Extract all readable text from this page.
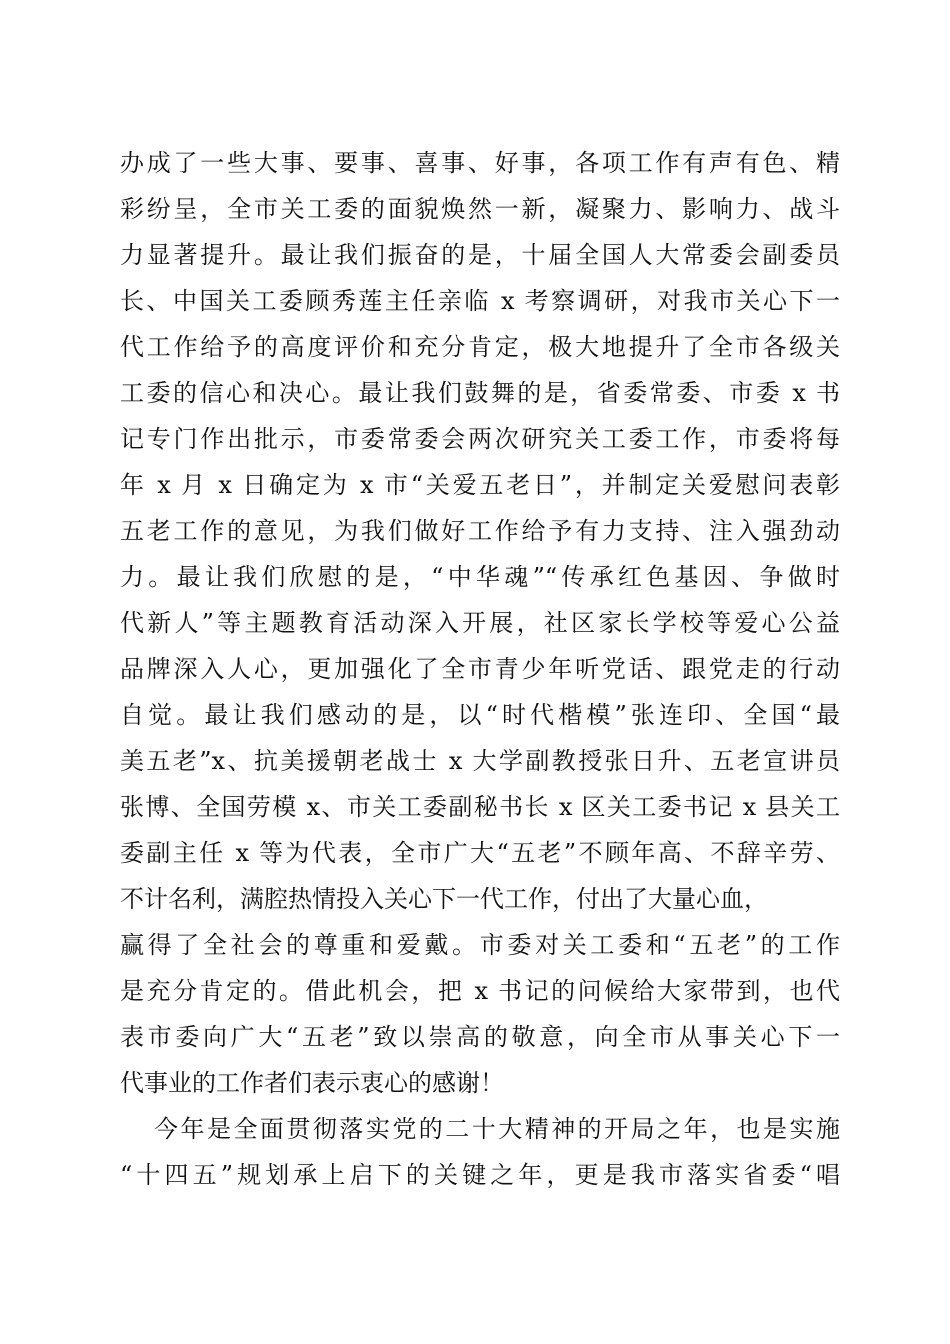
办成了一些大事、要事、喜事、好事，各项工作有声有色、精
彩纷呈，全市关工委的面貌焕然一新，凝聚力、影响力、战斗
力显著提升。最让我们振奋的是，十届全国人大常委会副委员
长、中国关工委顾秀莲主任亲临 x 考察调研，对我市关心下一
代工作给予的高度评价和充分肯定，极大地提升了全市各级关
工委的信心和决心。最让我们鼓舞的是，省委常委、市委 x 书
记专门作出批示，市委常委会两次研究关工委工作，市委将每
年 x 月 x 日确定为 x 市“关爱五老日”，并制定关爱慰问表彰
五老工作的意见，为我们做好工作给予有力支持、注入强劲动
力。最让我们欣慰的是，“中华魂”“传承红色基因、争做时
代新人”等主题教育活动深入开展，社区家长学校等爱心公益
品牌深入人心，更加强化了全市青少年听党话、跟党走的行动
自觉。最让我们感动的是，以“时代楷模”张连印、全国“最
美五老”x、抗美援朝老战士 x 大学副教授张日升、五老宣讲员
张博、全国劳模 x、市关工委副秘书长 x 区关工委书记 x 县关工
委副主任 x 等为代表，全市广大“五老”不顾年高、不辞辛劳、
不计名利，满腔热情投入关心下一代工作，付出了大量心血，
赢得了全社会的尊重和爱戴。市委对关工委和“五老”的工作
是充分肯定的。借此机会，把 x 书记的问候给大家带到，也代
表市委向广大“五老”致以崇高的敬意，向全市从事关心下一
代事业的工作者们表示衷心的感谢！
今年是全面贯彻落实党的二十大精神的开局之年，也是实施
“十四五”规划承上启下的关键之年，更是我市落实省委“唱
